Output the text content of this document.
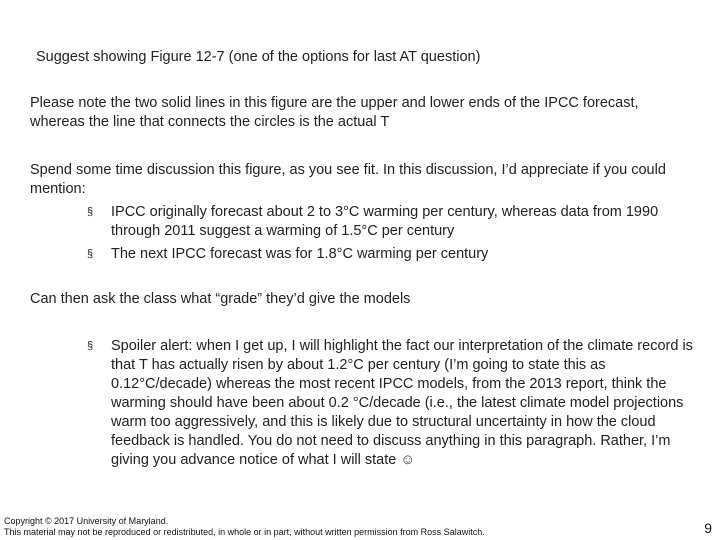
Suggest showing Figure 12-7 (one of the options for last AT question)

Please note the two solid lines in this figure are the upper and lower ends of the IPCC forecast, whereas the line that connects the circles is the actual T

Spend some time discussion this figure, as you see fit. In this discussion, I’d appreciate if you could mention:

§	IPCC originally forecast about 2 to 3°C warming per century, whereas data from 1990 through 2011 suggest a warming of 1.5°C per century
§	The next IPCC forecast was for 1.8°C warming per century

Can then ask the class what “grade” they’d give the models

§	Spoiler alert: when I get up, I will highlight the fact our interpretation of the climate record is that T has actually risen by about 1.2°C per century (I’m going to state this as 0.12°C/decade) whereas the most recent IPCC models, from the 2013 report, think the warming should have been about 0.2 °C/decade (i.e., the latest climate model projections warm too aggressively, and this is likely due to structural uncertainty in how the cloud feedback is handled. You do not need to discuss anything in this paragraph. Rather, I’m giving you advance notice of what I will state ☺
Copyright © 2017 University of Maryland.
This material may not be reproduced or redistributed, in whole or in part, without written permission from Ross Salawitch.	9
